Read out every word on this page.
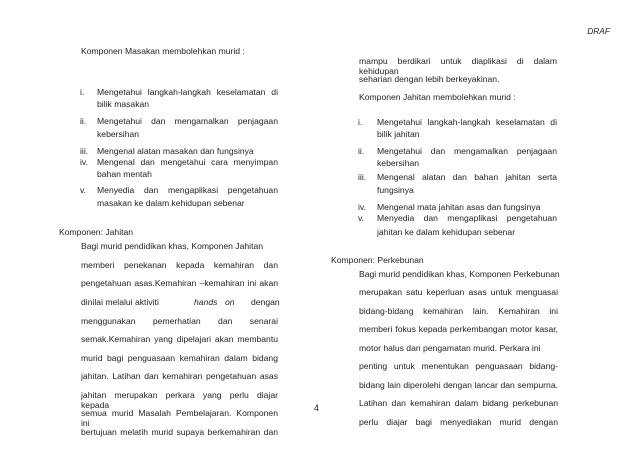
DRAF
Komponen Masakan membolehkan murid :
i. Mengetahui langkah-langkah keselamatan di
bilik masakan
ii. Mengetahui dan mengamalkan penjagaan
kebersihan
iii. Mengenal alatan masakan dan fungsinya
iv. Mengenal dan mengetahui cara menyimpan
bahan mentah
v. Menyedia dan mengaplikasi pengetahuan
masakan ke dalam kehidupan sebenar
Komponen: Jahitan
Bagi murid pendidikan khas, Komponen Jahitan
memberi penekanan kepada kemahiran dan
pengetahuan asas.Kemahiran –kemahiran ini akan
dinilai melalui aktiviti	hands on dengan
menggunakan pemerhatian dan senarai
semak.Kemahiran yang dipelajari akan membantu
murid bagi penguasaan kemahiran dalam bidang
jahitan. Latihan dan kemahiran pengetahuan asas
jahitan merupakan perkara yang perlu diajar kepada
semua murid Masalah Pembelajaran. Komponen ini
bertujuan melatih murid supaya berkemahiran dan
4
mampu berdikari untuk diaplikasi di dalam kehidupan
seharian dengan lebih berkeyakinan.
Komponen Jahitan membolehkan murid :
i. Mengetahui langkah-langkah keselamatan di
bilik jahitan
ii. Mengetahui dan mengamalkan penjagaan
kebersihan
iii. Mengenal alatan dan bahan jahitan serta
fungsinya
iv. Mengenal mata jahitan asas dan fungsinya
v. Menyedia dan mengaplikasi pengetahuan
jahitan ke dalam kehidupan sebenar
Komponen: Perkebunan
Bagi murid pendidikan khas, Komponen Perkebunan
merupakan satu keperluan asas untuk menguasai
bidang-bidang kemahiran lain. Kemahiran ini
memberi fokus kepada perkembangan motor kasar,
motor halus dan pengamatan murid. Perkara ini
penting untuk menentukan penguasaan bidang-
bidang lain diperolehi dengan lancar dan sempurna.
Latihan dan kemahiran dalam bidang perkebunan
perlu diajar bagi menyediakan murid dengan
